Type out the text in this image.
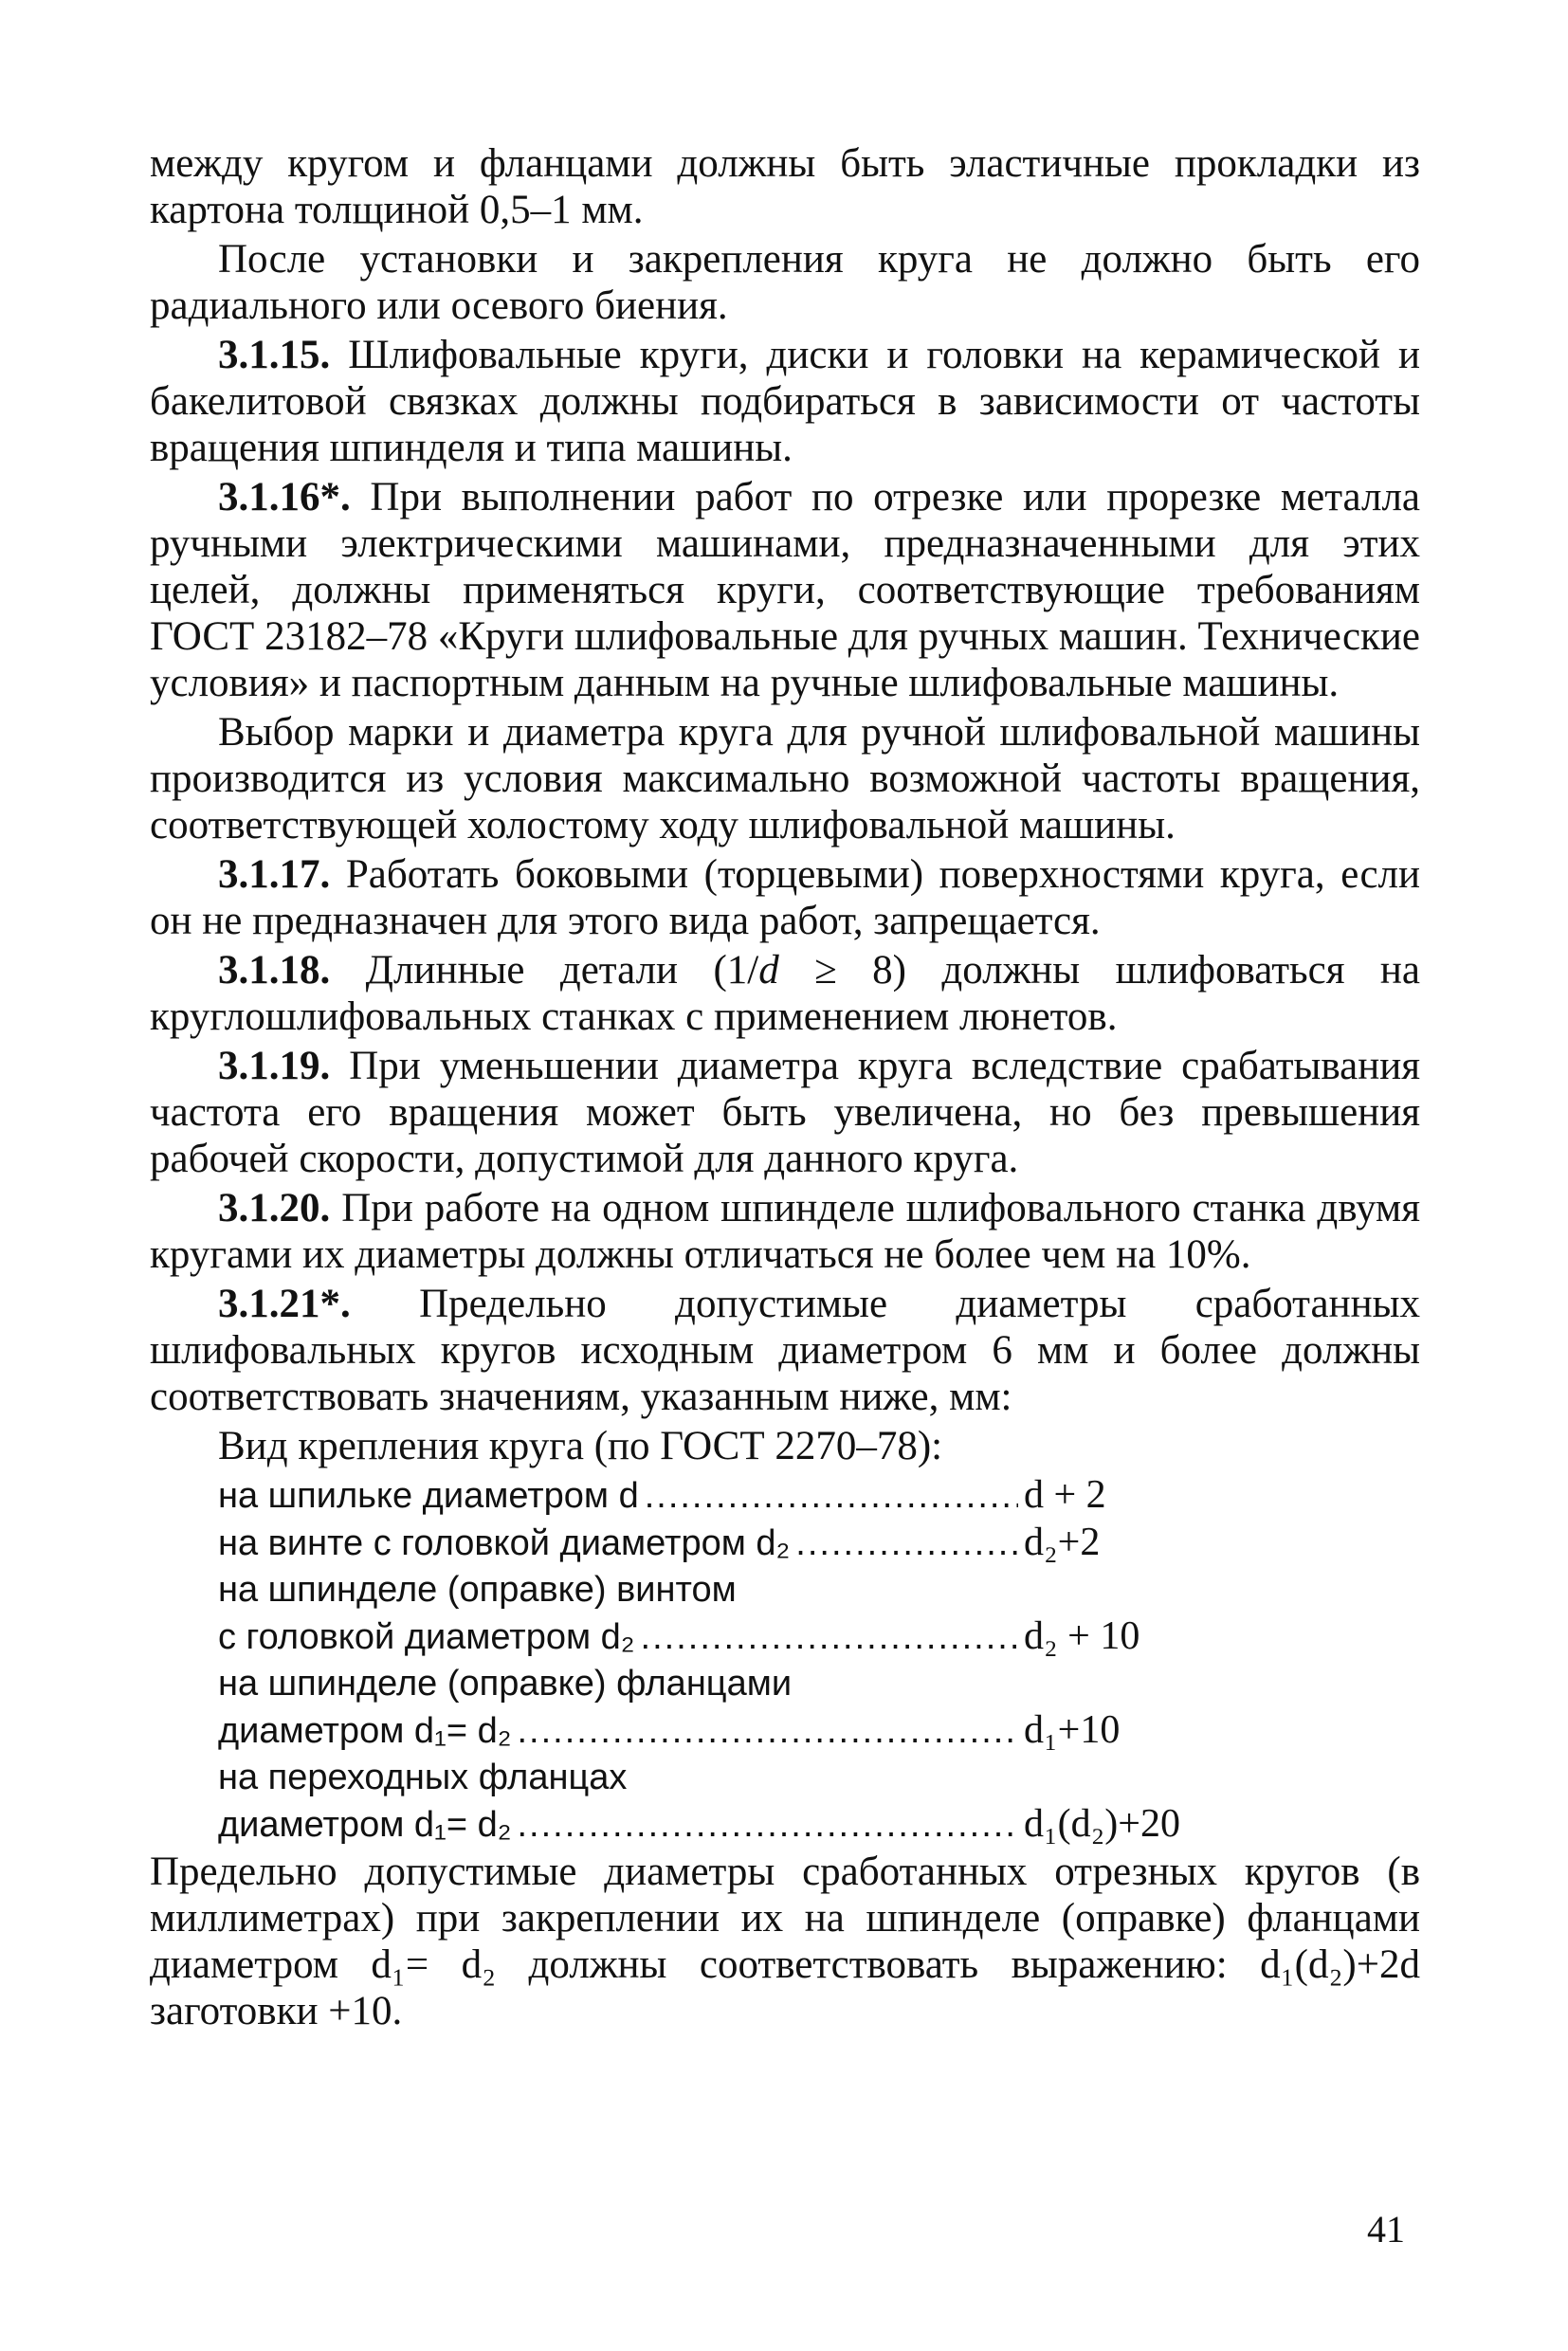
между кругом и фланцами должны быть эластичные прокладки из картона толщиной 0,5–1 мм.

После установки и закрепления круга не должно быть его радиального или осевого биения.

3.1.15. Шлифовальные круги, диски и головки на керамической и бакелитовой связках должны подбираться в зависимости от частоты вращения шпинделя и типа машины.

3.1.16*. При выполнении работ по отрезке или прорезке металла ручными электрическими машинами, предназначенными для этих целей, должны применяться круги, соответствующие требованиям ГОСТ 23182–78 «Круги шлифовальные для ручных машин. Технические условия» и паспортным данным на ручные шлифовальные машины.

Выбор марки и диаметра круга для ручной шлифовальной машины производится из условия максимально возможной частоты вращения, соответствующей холостому ходу шлифовальной машины.

3.1.17. Работать боковыми (торцевыми) поверхностями круга, если он не предназначен для этого вида работ, запрещается.

3.1.18. Длинные детали (1/d ≥ 8) должны шлифоваться на круглошлифовальных станках с применением люнетов.

3.1.19. При уменьшении диаметра круга вследствие срабатывания частота его вращения может быть увеличена, но без превышения рабочей скорости, допустимой для данного круга.

3.1.20. При работе на одном шпинделе шлифовального станка двумя кругами их диаметры должны отличаться не более чем на 10%.

3.1.21*. Предельно допустимые диаметры сработанных шлифовальных кругов исходным диаметром 6 мм и более должны соответствовать значениям, указанным ниже, мм:

Вид крепления круга (по ГОСТ 2270–78):

на шпильке диаметром d .....	d + 2
на винте с головкой диаметром d₂ .....	d₂+2
на шпинделе (оправке) винтом
с головкой диаметром d₂ .....	d₂ + 10
на шпинделе (оправке) фланцами
диаметром d₁= d₂ .....	d₁+10
на переходных фланцах
диаметром d₁= d₂ .....	d₁(d₂)+20

Предельно допустимые диаметры сработанных отрезных кругов (в миллиметрах) при закреплении их на шпинделе (оправке) фланцами диаметром d₁= d₂ должны соответствовать выражению: d₁(d₂)+2d заготовки +10.

41
